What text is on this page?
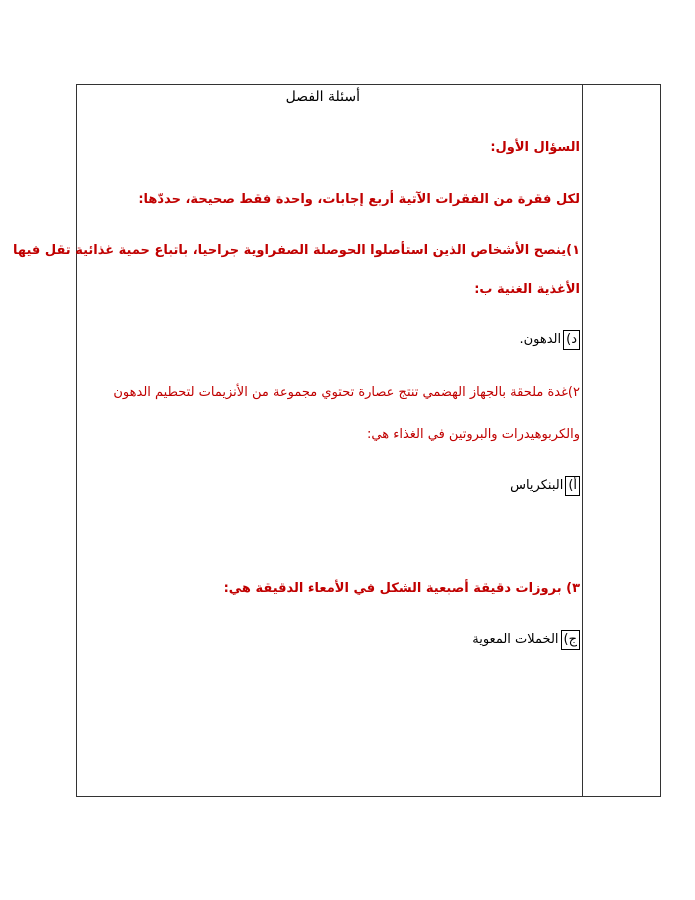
أسئلة الفصل
السؤال الأول:
لكل فقرة من الفقرات الآتية أربع إجابات، واحدة فقط صحيحة، حددّها:
١)ينصح الأشخاص الذين استأصلوا الحوصلة الصفراوية جراحيا، باتباع حمية غذائية تقل فيها
الأغذية الغنية ب:
د)الدهون.
٢)غدة ملحقة بالجهاز الهضمي تنتج عصارة تحتوي مجموعة من الأنزيمات لتحطيم الدهون
والكربوهيدرات والبروتين في الغذاء هي:
أ)البنكرياس
٣) بروزات دقيقة أصبعية الشكل في الأمعاء الدقيقة هي:
ج)الخملات المعوية
